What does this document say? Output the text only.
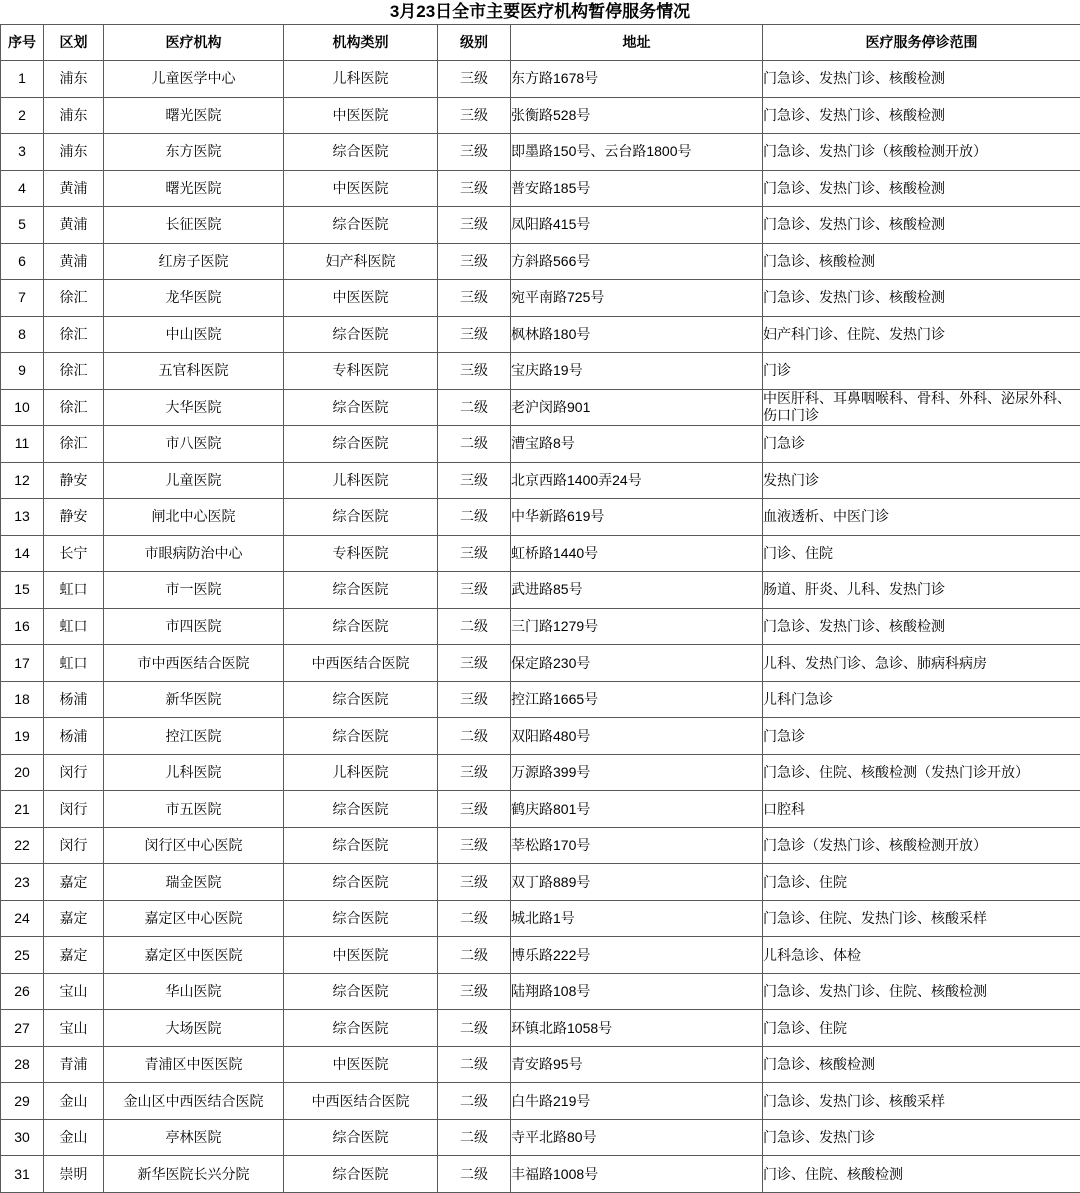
3月23日全市主要医疗机构暂停服务情况
序号	区划	医疗机构	机构类别	级别	地址	医疗服务停诊范围
1	浦东	儿童医学中心	儿科医院	三级	东方路1678号	门急诊、发热门诊、核酸检测
2	浦东	曙光医院	中医医院	三级	张衡路528号	门急诊、发热门诊、核酸检测
3	浦东	东方医院	综合医院	三级	即墨路150号、云台路1800号	门急诊、发热门诊（核酸检测开放）
4	黄浦	曙光医院	中医医院	三级	普安路185号	门急诊、发热门诊、核酸检测
5	黄浦	长征医院	综合医院	三级	凤阳路415号	门急诊、发热门诊、核酸检测
6	黄浦	红房子医院	妇产科医院	三级	方斜路566号	门急诊、核酸检测
7	徐汇	龙华医院	中医医院	三级	宛平南路725号	门急诊、发热门诊、核酸检测
8	徐汇	中山医院	综合医院	三级	枫林路180号	妇产科门诊、住院、发热门诊
9	徐汇	五官科医院	专科医院	三级	宝庆路19号	门诊
10	徐汇	大华医院	综合医院	二级	老沪闵路901	中医肝科、耳鼻咽喉科、骨科、外科、泌尿外科、伤口门诊
11	徐汇	市八医院	综合医院	二级	漕宝路8号	门急诊
12	静安	儿童医院	儿科医院	三级	北京西路1400弄24号	发热门诊
13	静安	闸北中心医院	综合医院	二级	中华新路619号	血液透析、中医门诊
14	长宁	市眼病防治中心	专科医院	三级	虹桥路1440号	门诊、住院
15	虹口	市一医院	综合医院	三级	武进路85号	肠道、肝炎、儿科、发热门诊
16	虹口	市四医院	综合医院	二级	三门路1279号	门急诊、发热门诊、核酸检测
17	虹口	市中西医结合医院	中西医结合医院	三级	保定路230号	儿科、发热门诊、急诊、肺病科病房
18	杨浦	新华医院	综合医院	三级	控江路1665号	儿科门急诊
19	杨浦	控江医院	综合医院	二级	双阳路480号	门急诊
20	闵行	儿科医院	儿科医院	三级	万源路399号	门急诊、住院、核酸检测（发热门诊开放）
21	闵行	市五医院	综合医院	三级	鹤庆路801号	口腔科
22	闵行	闵行区中心医院	综合医院	三级	莘松路170号	门急诊（发热门诊、核酸检测开放）
23	嘉定	瑞金医院	综合医院	三级	双丁路889号	门急诊、住院
24	嘉定	嘉定区中心医院	综合医院	二级	城北路1号	门急诊、住院、发热门诊、核酸采样
25	嘉定	嘉定区中医医院	中医医院	二级	博乐路222号	儿科急诊、体检
26	宝山	华山医院	综合医院	三级	陆翔路108号	门急诊、发热门诊、住院、核酸检测
27	宝山	大场医院	综合医院	二级	环镇北路1058号	门急诊、住院
28	青浦	青浦区中医医院	中医医院	二级	青安路95号	门急诊、核酸检测
29	金山	金山区中西医结合医院	中西医结合医院	二级	白牛路219号	门急诊、发热门诊、核酸采样
30	金山	亭林医院	综合医院	二级	寺平北路80号	门急诊、发热门诊
31	崇明	新华医院长兴分院	综合医院	二级	丰福路1008号	门诊、住院、核酸检测
